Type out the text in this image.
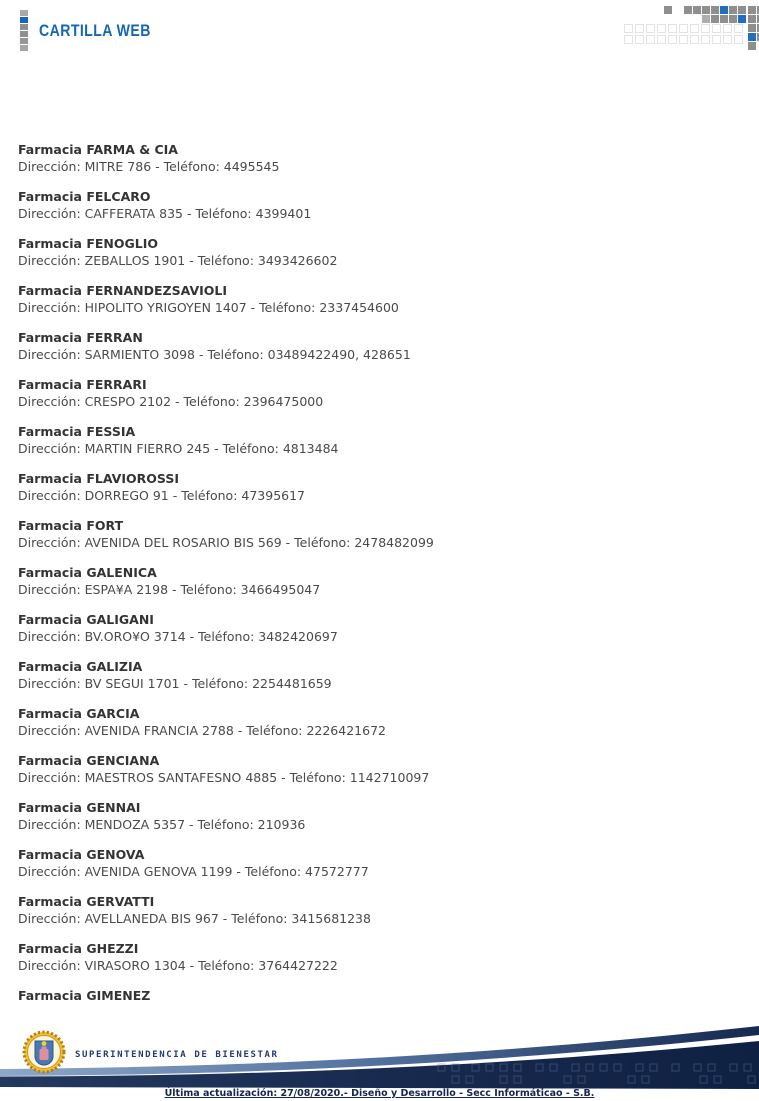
CARTILLA WEB
Farmacia FARMA & CIA

Dirección: MITRE 786 - Teléfono: 4495545

Farmacia FELCARO

Dirección: CAFFERATA 835 - Teléfono: 4399401

Farmacia FENOGLIO

Dirección: ZEBALLOS 1901 - Teléfono: 3493426602

Farmacia FERNANDEZSAVIOLI

Dirección: HIPOLITO YRIGOYEN 1407 - Teléfono: 2337454600

Farmacia FERRAN

Dirección: SARMIENTO 3098 - Teléfono: 03489422490, 428651

Farmacia FERRARI

Dirección: CRESPO 2102 - Teléfono: 2396475000

Farmacia FESSIA

Dirección: MARTIN FIERRO 245 - Teléfono: 4813484

Farmacia FLAVIOROSSI

Dirección: DORREGO 91 - Teléfono: 47395617

Farmacia FORT

Dirección: AVENIDA DEL ROSARIO BIS 569 - Teléfono: 2478482099

Farmacia GALENICA

Dirección: ESPA¥A 2198 - Teléfono: 3466495047

Farmacia GALIGANI

Dirección: BV.ORO¥O 3714 - Teléfono: 3482420697

Farmacia GALIZIA

Dirección: BV SEGUI 1701 - Teléfono: 2254481659

Farmacia GARCIA

Dirección: AVENIDA FRANCIA 2788 - Teléfono: 2226421672

Farmacia GENCIANA

Dirección: MAESTROS SANTAFESNO 4885 - Teléfono: 1142710097

Farmacia GENNAI

Dirección: MENDOZA 5357 - Teléfono: 210936

Farmacia GENOVA

Dirección: AVENIDA GENOVA 1199 - Teléfono: 47572777

Farmacia GERVATTI

Dirección: AVELLANEDA BIS 967 - Teléfono: 3415681238

Farmacia GHEZZI

Dirección: VIRASORO 1304 - Teléfono: 3764427222

Farmacia GIMENEZ
SUPERINTENDENCIA DE BIENESTAR
Última actualización: 27/08/2020.- Diseño y Desarrollo - Secc Informáticao - S.B.
